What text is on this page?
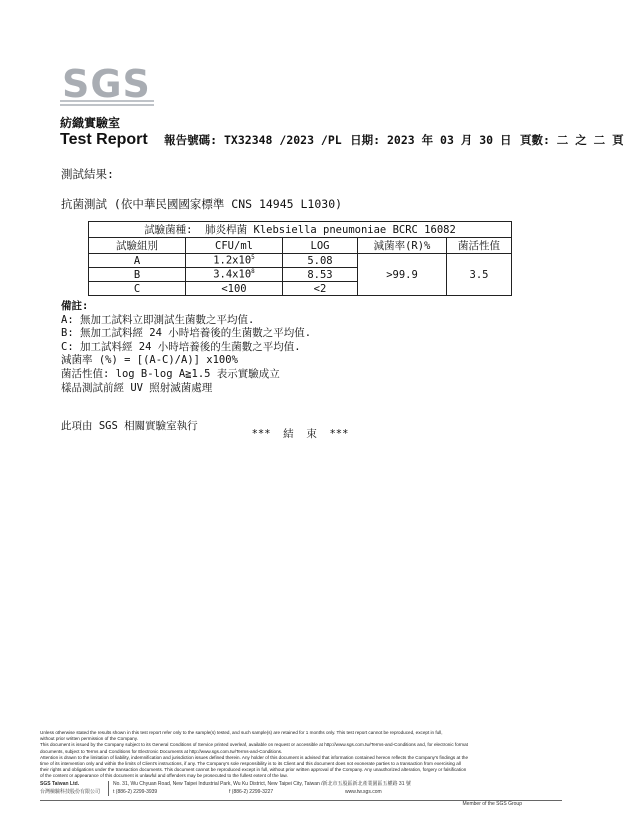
SGS
紡織實驗室
Test Report 報告號碼: TX32348 /2023 /PL 日期: 2023 年 03 月 30 日 頁數: 二 之 二 頁
測試結果:
抗菌測試 (依中華民國國家標準 CNS 14945 L1030)
試驗菌種: 肺炎桿菌 Klebsiella pneumoniae BCRC 16082				
試驗組別	CFU/ml	LOG	減菌率(R)%	菌活性值
A	$1.2x10^5$	5.08	>99.9	3.5
B	$3.4x10^8$	8.53		
C	<100	<2		
備註:
A: 無加工試料立即測試生菌數之平均值.
B: 無加工試料經 24 小時培養後的生菌數之平均值.
C: 加工試料經 24 小時培養後的生菌數之平均值.
減菌率 (%) = [(A-C)/A)] x100%
菌活性值: log B-log A≧1.5 表示實驗成立
樣品測試前經 UV 照射滅菌處理
此項由 SGS 相關實驗室執行
***  結  束  ***
Unless otherwise stated the results shown in this test report refer only to the sample(s) tested, and such sample(s) are retained for 1 months only. This test report cannot be reproduced, except in full,
without prior written permission of the Company.
This document is issued by the Company subject to its General Conditions of Service printed overleaf, available on request or accessible at http://www.sgs.com.tw/Terms-and-Conditions and, for electronic format
documents, subject to Terms and Conditions for Electronic Documents at http://www.sgs.com.tw/Terms-and-Conditions.
Attention is drawn to the limitation of liability, indemnification and jurisdiction issues defined therein. Any holder of this document is advised that information contained hereon reflects the Company's findings at the
time of its intervention only and within the limits of Client's instructions, if any. The Company's sole responsibility is to its Client and this document does not exonerate parties to a transaction from exercising all
their rights and obligations under the transaction documents. This document cannot be reproduced except in full, without prior written approval of the Company. Any unauthorized alteration, forgery or falsification
of the content or appearance of this document is unlawful and offenders may be prosecuted to the fullest extent of the law.
SGS Taiwan Ltd.	No. 31, Wu Chyuan Road, New Taipei Industrial Park, Wu Ku District, New Taipei City, Taiwan /新北市五股區新北產業園區五權路 31 號
台灣檢驗科技股份有限公司	t (886-2) 2299-3939	f (886-2) 2299-3227	www.tw.sgs.com
Member of the SGS Group
